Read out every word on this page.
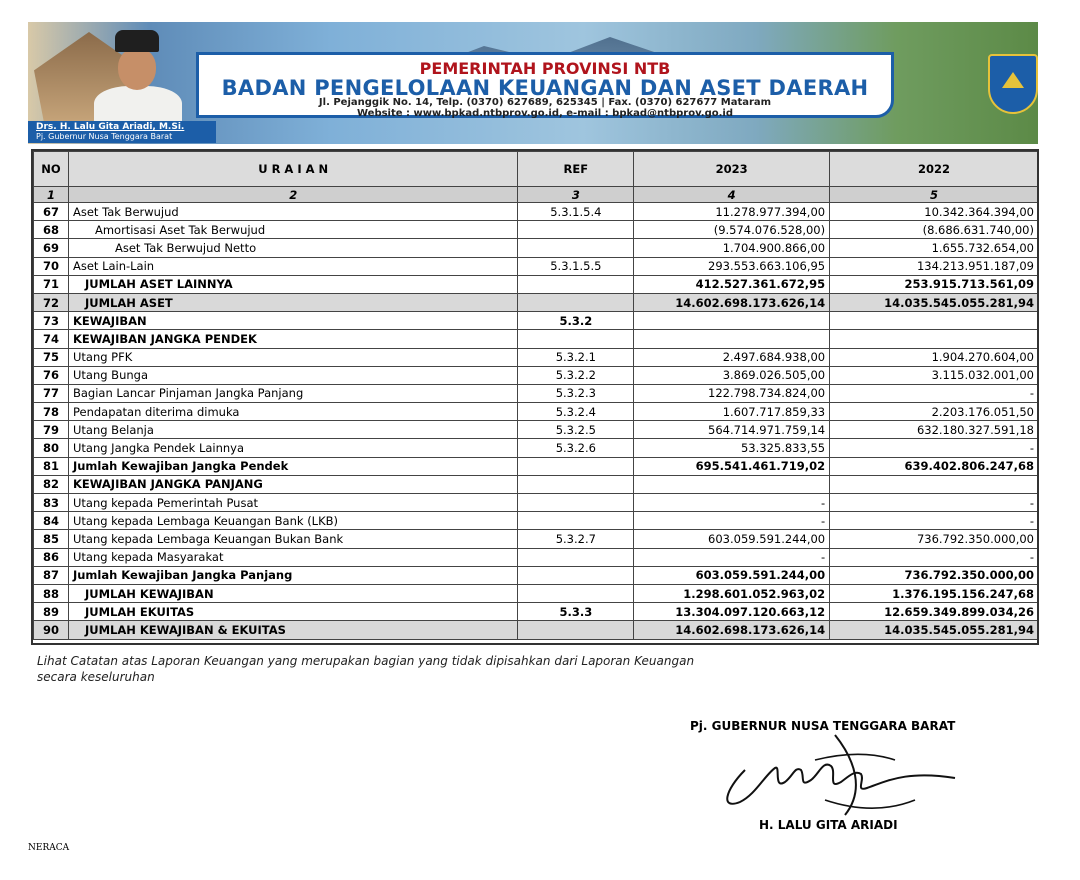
Drs. H. Lalu Gita Ariadi, M.Si.
Pj. Gubernur Nusa Tenggara Barat
PEMERINTAH PROVINSI NTB
BADAN PENGELOLAAN KEUANGAN DAN ASET DAERAH
Jl. Pejanggik No. 14, Telp. (0370) 627689, 625345 | Fax. (0370) 627677 Mataram
Website : www.bpkad.ntbprov.go.id, e-mail : bpkad@ntbprov.go.id
NO	U R A I A N	REF	2023	2022
1	2	3	4	5
67	Aset Tak Berwujud	5.3.1.5.4	11.278.977.394,00	10.342.364.394,00
68	Amortisasi Aset Tak Berwujud		(9.574.076.528,00)	(8.686.631.740,00)
69	Aset Tak Berwujud Netto		1.704.900.866,00	1.655.732.654,00
70	Aset Lain-Lain	5.3.1.5.5	293.553.663.106,95	134.213.951.187,09
71	JUMLAH ASET LAINNYA		412.527.361.672,95	253.915.713.561,09
72	JUMLAH ASET		14.602.698.173.626,14	14.035.545.055.281,94
73	KEWAJIBAN	5.3.2		
74	KEWAJIBAN JANGKA PENDEK			
75	Utang PFK	5.3.2.1	2.497.684.938,00	1.904.270.604,00
76	Utang Bunga	5.3.2.2	3.869.026.505,00	3.115.032.001,00
77	Bagian Lancar Pinjaman Jangka Panjang	5.3.2.3	122.798.734.824,00	-
78	Pendapatan diterima dimuka	5.3.2.4	1.607.717.859,33	2.203.176.051,50
79	Utang Belanja	5.3.2.5	564.714.971.759,14	632.180.327.591,18
80	Utang Jangka Pendek Lainnya	5.3.2.6	53.325.833,55	-
81	Jumlah Kewajiban Jangka Pendek		695.541.461.719,02	639.402.806.247,68
82	KEWAJIBAN JANGKA PANJANG			
83	Utang kepada Pemerintah Pusat		-	-
84	Utang kepada Lembaga Keuangan Bank (LKB)		-	-
85	Utang kepada Lembaga Keuangan Bukan Bank	5.3.2.7	603.059.591.244,00	736.792.350.000,00
86	Utang kepada Masyarakat		-	-
87	Jumlah Kewajiban Jangka Panjang		603.059.591.244,00	736.792.350.000,00
88	JUMLAH KEWAJIBAN		1.298.601.052.963,02	1.376.195.156.247,68
89	JUMLAH EKUITAS	5.3.3	13.304.097.120.663,12	12.659.349.899.034,26
90	JUMLAH KEWAJIBAN & EKUITAS		14.602.698.173.626,14	14.035.545.055.281,94
Lihat Catatan atas Laporan Keuangan yang merupakan bagian yang tidak dipisahkan dari Laporan Keuangan
secara keseluruhan
Pj. GUBERNUR NUSA TENGGARA BARAT
H. LALU GITA ARIADI
NERACA
